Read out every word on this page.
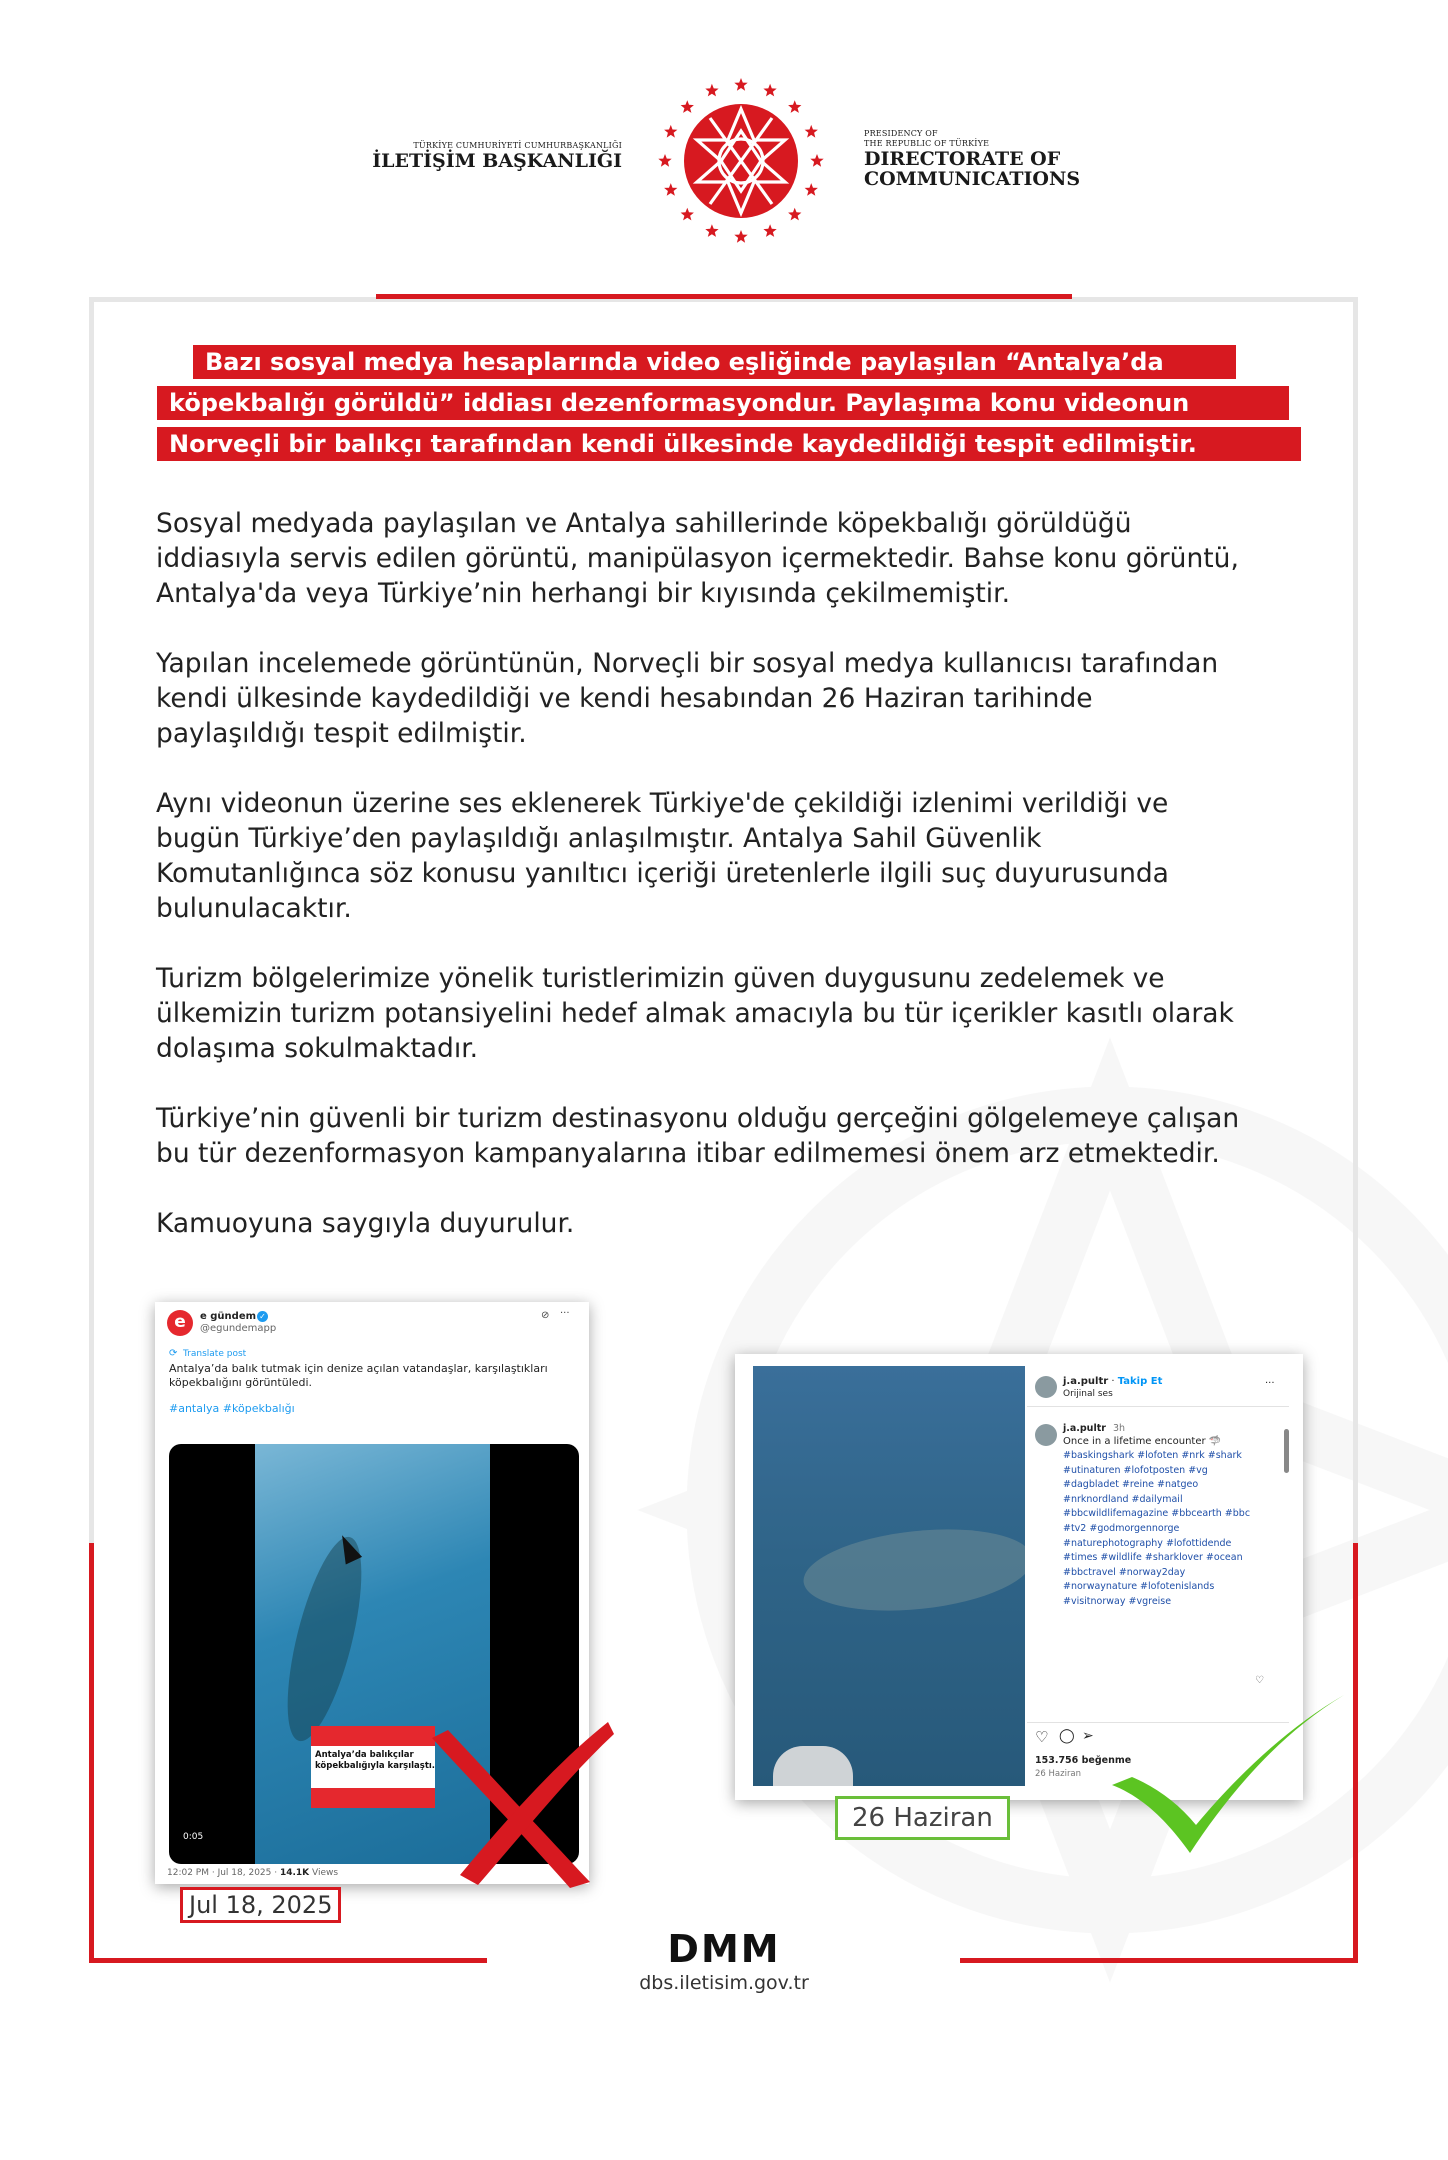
TÜRKİYE CUMHURİYETİ CUMHURBAŞKANLIĞI
İLETİŞİM BAŞKANLIĞI
PRESIDENCY OF
THE REPUBLIC OF TÜRKİYE
DIRECTORATE OF
COMMUNICATIONS
Bazı sosyal medya hesaplarında video eşliğinde paylaşılan “Antalya’da
köpekbalığı görüldü” iddiası dezenformasyondur. Paylaşıma konu videonun
Norveçli bir balıkçı tarafından kendi ülkesinde kaydedildiği tespit edilmiştir.
Sosyal medyada paylaşılan ve Antalya sahillerinde köpekbalığı görüldüğü
iddiasıyla servis edilen görüntü, manipülasyon içermektedir. Bahse konu görüntü,
Antalya'da veya Türkiye’nin herhangi bir kıyısında çekilmemiştir.
Yapılan incelemede görüntünün, Norveçli bir sosyal medya kullanıcısı tarafından
kendi ülkesinde kaydedildiği ve kendi hesabından 26 Haziran tarihinde
paylaşıldığı tespit edilmiştir.
Aynı videonun üzerine ses eklenerek Türkiye'de çekildiği izlenimi verildiği ve
bugün Türkiye’den paylaşıldığı anlaşılmıştır. Antalya Sahil Güvenlik
Komutanlığınca söz konusu yanıltıcı içeriği üretenlerle ilgili suç duyurusunda
bulunulacaktır.
Turizm bölgelerimize yönelik turistlerimizin güven duygusunu zedelemek ve
ülkemizin turizm potansiyelini hedef almak amacıyla bu tür içerikler kasıtlı olarak
dolaşıma sokulmaktadır.
Türkiye’nin güvenli bir turizm destinasyonu olduğu gerçeğini gölgelemeye çalışan
bu tür dezenformasyon kampanyalarına itibar edilmemesi önem arz etmektedir.
Kamuoyuna saygıyla duyurulur.
e	e gündem ✓
@egundemapp
⊘ ···
Translate post
⟳
Antalya’da balık tutmak için denize açılan vatandaşlar, karşılaştıkları
köpekbalığını görüntüledi.
#antalya #köpekbalığı
Antalya’da balıkçılar
köpekbalığıyla karşılaştı.
0:05
12:02 PM · Jul 18, 2025 · 14.1K Views
Jul 18, 2025
j.a.pultr · Takip Et
Orijinal ses
···
j.a.pultr 3h
Once in a lifetime encounter 🦈
#baskingshark #lofoten #nrk #shark
#utinaturen #lofotposten #vg
#dagbladet #reine #natgeo
#nrknordland #dailymail
#bbcwildlifemagazine #bbcearth #bbc
#tv2 #godmorgennorge
#naturephotography #lofottidende
#times #wildlife #sharklover #ocean
#bbctravel #norway2day
#norwaynature #lofotenislands
#visitnorway #vgreise
♡
♡ ◯ ➢
153.756 beğenme
26 Haziran
26 Haziran
DMM
dbs.iletisim.gov.tr
